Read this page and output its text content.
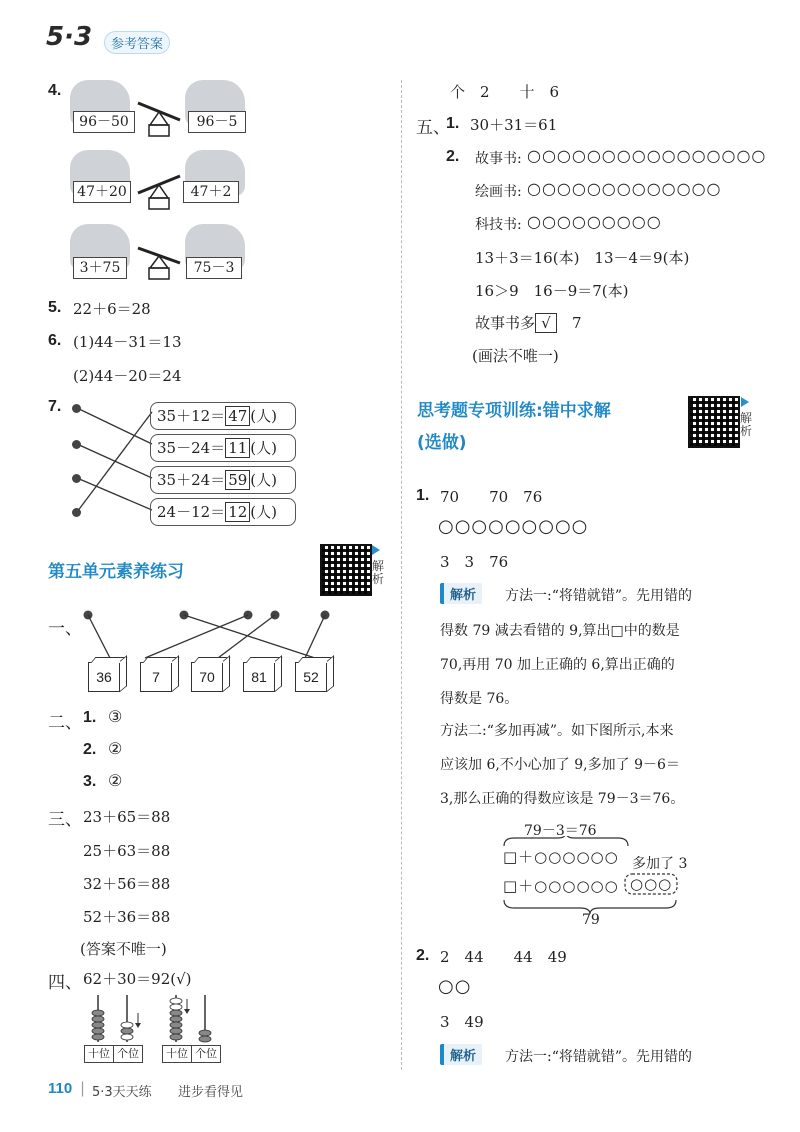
5·3	参考答案
4.
96－50	96－5
47＋20	47＋2
3＋75	75－3
5. 22＋6＝28
6. (1)44－31＝13
(2)44－20＝24
7.
35＋12＝ 47 (人)
35－24＝ 11 (人)
35＋24＝ 59 (人)
24－12＝ 12 (人)
第五单元素养练习	解析
一、
36	7	70	81	52
二、 1. ③
2. ②
3. ②
三、 23＋65＝88
25＋63＝88
32＋56＝88
52＋36＝88
(答案不唯一)
四、 62＋30＝92(√)
十位 个位	十位 个位
110 | 5·3天天练 进步看得见
个　2　　十　6
五、
1. 30＋31＝61
2. 故事书: ○○○○○○○○○○○○○○○○
绘画书: ○○○○○○○○○○○○○
科技书: ○○○○○○○○○
13＋3＝16(本)　13－4＝9(本)
16＞9　16－9＝7(本)
故事书多 √　7
(画法不唯一)
思考题专项训练:错中求解
(选做)
解析
1. 70　　70　76
○○○○○○○○○
3　3　76
解析	方法一:“将错就错”。先用错的
得数 79 减去看错的 9,算出□中的数是
70,再用 70 加上正确的 6,算出正确的
得数是 76。
方法二:“多加再减”。如下图所示,本来
应该加 6,不小心加了 9,多加了 9－6＝
3,那么正确的得数应该是 79－3＝76。
79－3＝76
□＋○○○○○○ 多加了 3
□＋○○○○○○ ○○○
79
2. 2　44　　44　49
○○
3　49
解析	方法一:“将错就错”。先用错的
